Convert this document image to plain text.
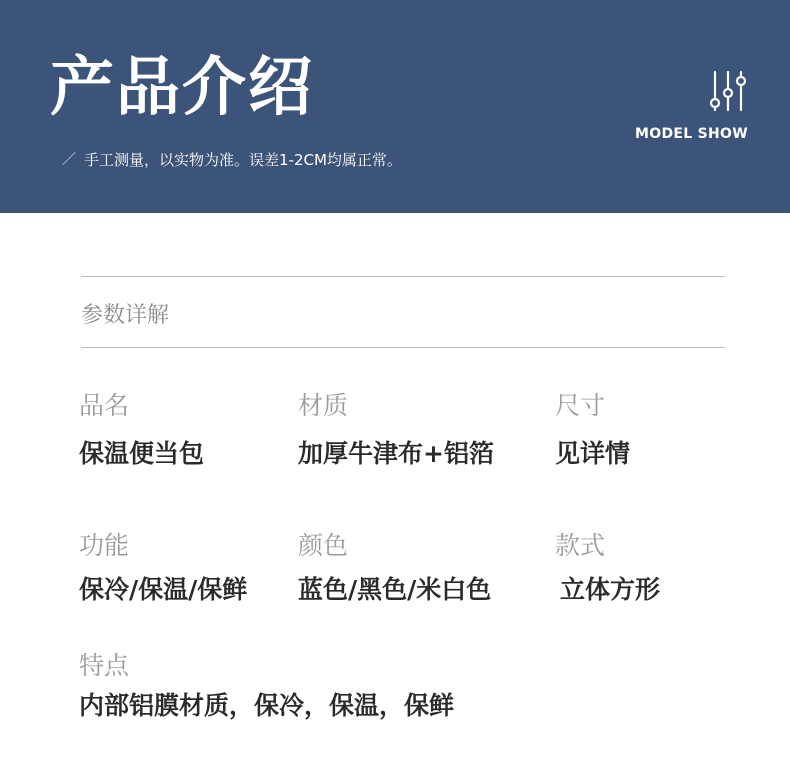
产品介绍
／ 手工测量，以实物为准。误差1-2CM均属正常。
MODEL SHOW
参数详解
品名
保温便当包
材质
加厚牛津布+铝箔
尺寸
见详情
功能
保冷/保温/保鲜
颜色
蓝色/黑色/米白色
款式
立体方形
特点
内部铝膜材质，保冷，保温，保鲜
